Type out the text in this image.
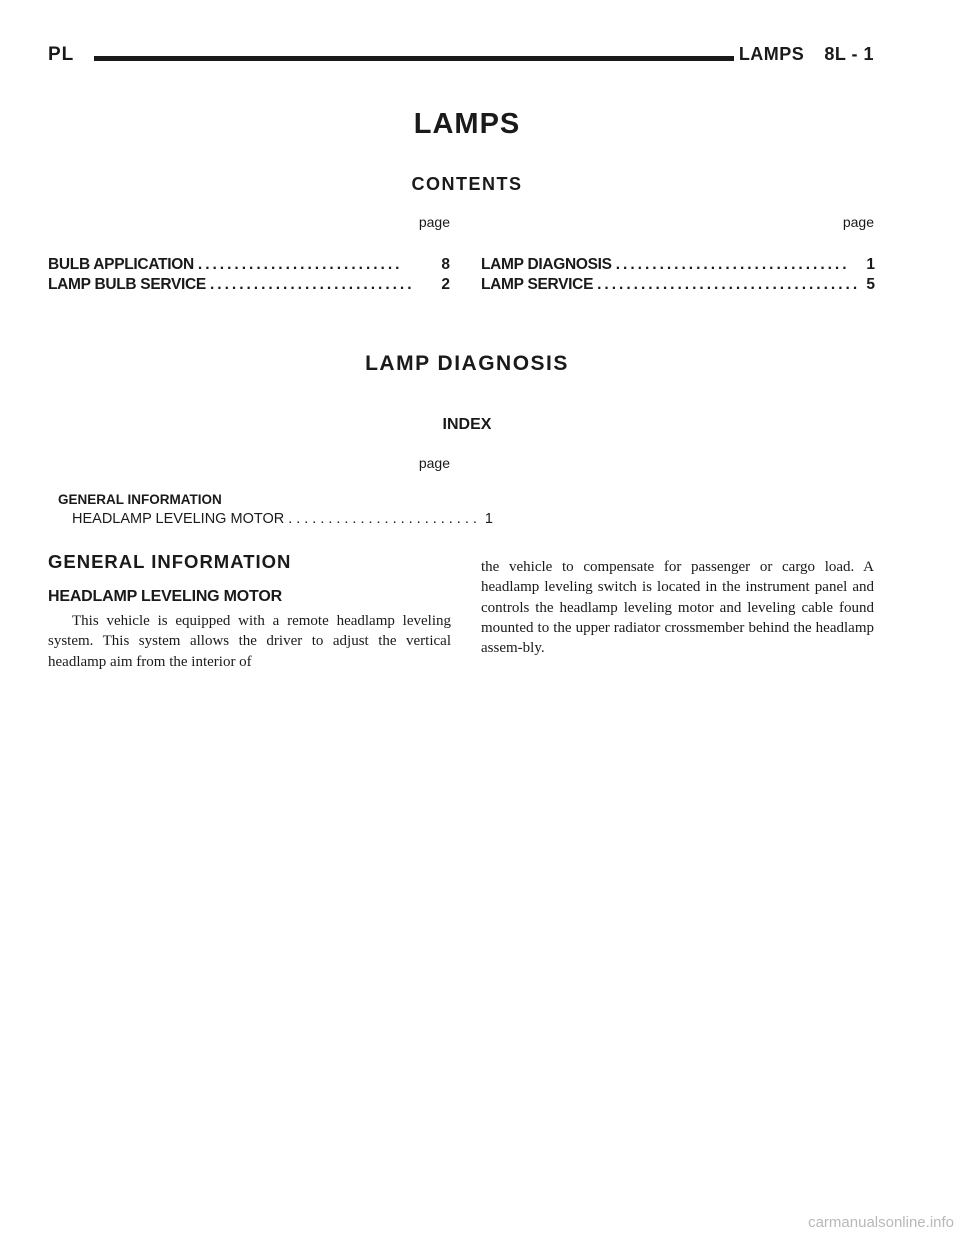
PL	LAMPS 8L - 1
LAMPS
CONTENTS
page	page
BULB APPLICATION ............................	8
LAMP BULB SERVICE ............................	2
LAMP DIAGNOSIS ................................	1
LAMP SERVICE .................................... 5
LAMP DIAGNOSIS
INDEX
page
GENERAL INFORMATION
HEADLAMP LEVELING MOTOR ........................ 1
GENERAL INFORMATION
HEADLAMP LEVELING MOTOR
This vehicle is equipped with a remote headlamp leveling system. This system allows the driver to adjust the vertical headlamp aim from the interior of
the vehicle to compensate for passenger or cargo load. A headlamp leveling switch is located in the instrument panel and controls the headlamp leveling motor and leveling cable found mounted to the upper radiator crossmember behind the headlamp assem-bly.
carmanualsonline.info
